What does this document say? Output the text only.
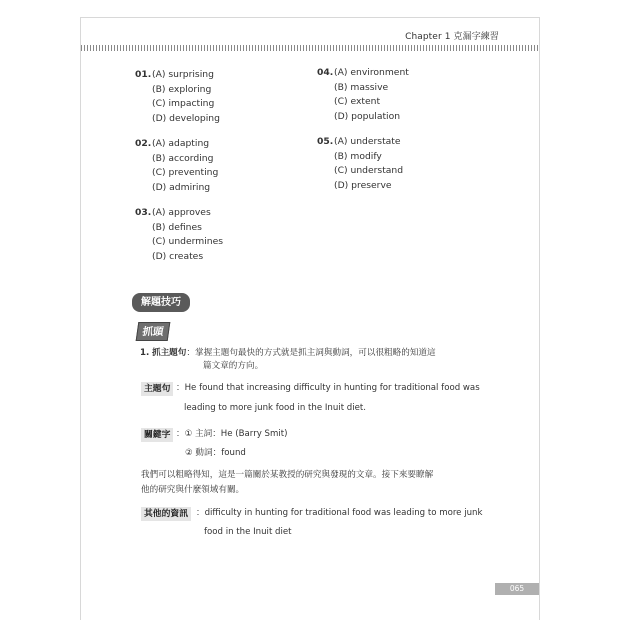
Chapter 1 克漏字練習
01.(A) surprising
(B) exploring
(C) impacting
(D) developing
02.(A) adapting
(B) according
(C) preventing
(D) admiring
03.(A) approves
(B) defines
(C) undermines
(D) creates
04.(A) environment
(B) massive
(C) extent
(D) population
05.(A) understate
(B) modify
(C) understand
(D) preserve
解題技巧
抓頭
1. 抓主題句：掌握主題句最快的方式就是抓主詞與動詞，可以很粗略的知道這
篇文章的方向。
主題句 ：He found that increasing difficulty in hunting for traditional food was
leading to more junk food in the Inuit diet.
關鍵字 ：① 主詞：He (Barry Smit)
② 動詞：found
我們可以粗略得知，這是一篇關於某教授的研究與發現的文章。接下來要瞭解
他的研究與什麼領域有關。
其他的資訊 ：difficulty in hunting for traditional food was leading to more junk
food in the Inuit diet
065
